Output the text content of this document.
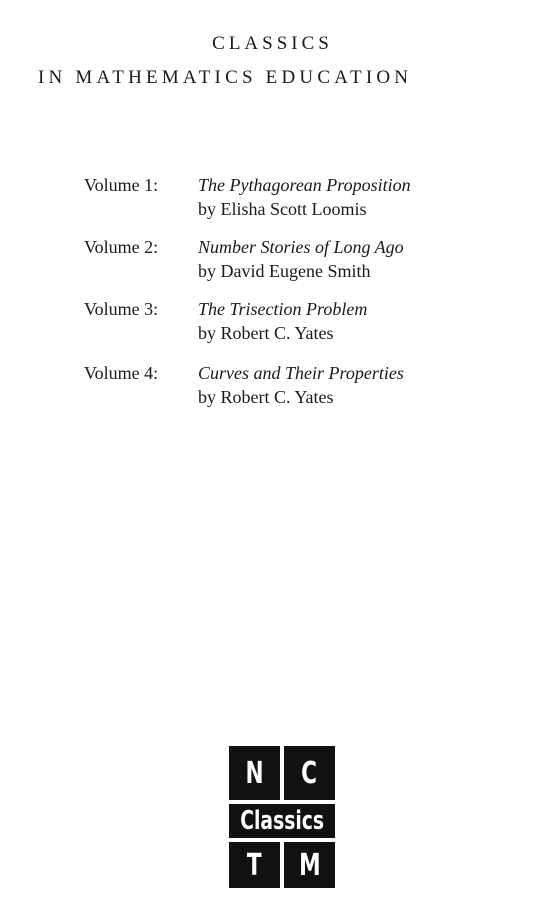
CLASSICS
IN MATHEMATICS EDUCATION
Volume 1: The Pythagorean Proposition
by Elisha Scott Loomis
Volume 2: Number Stories of Long Ago
by David Eugene Smith
Volume 3: The Trisection Problem
by Robert C. Yates
Volume 4: Curves and Their Properties
by Robert C. Yates
N C
Classics
T M
